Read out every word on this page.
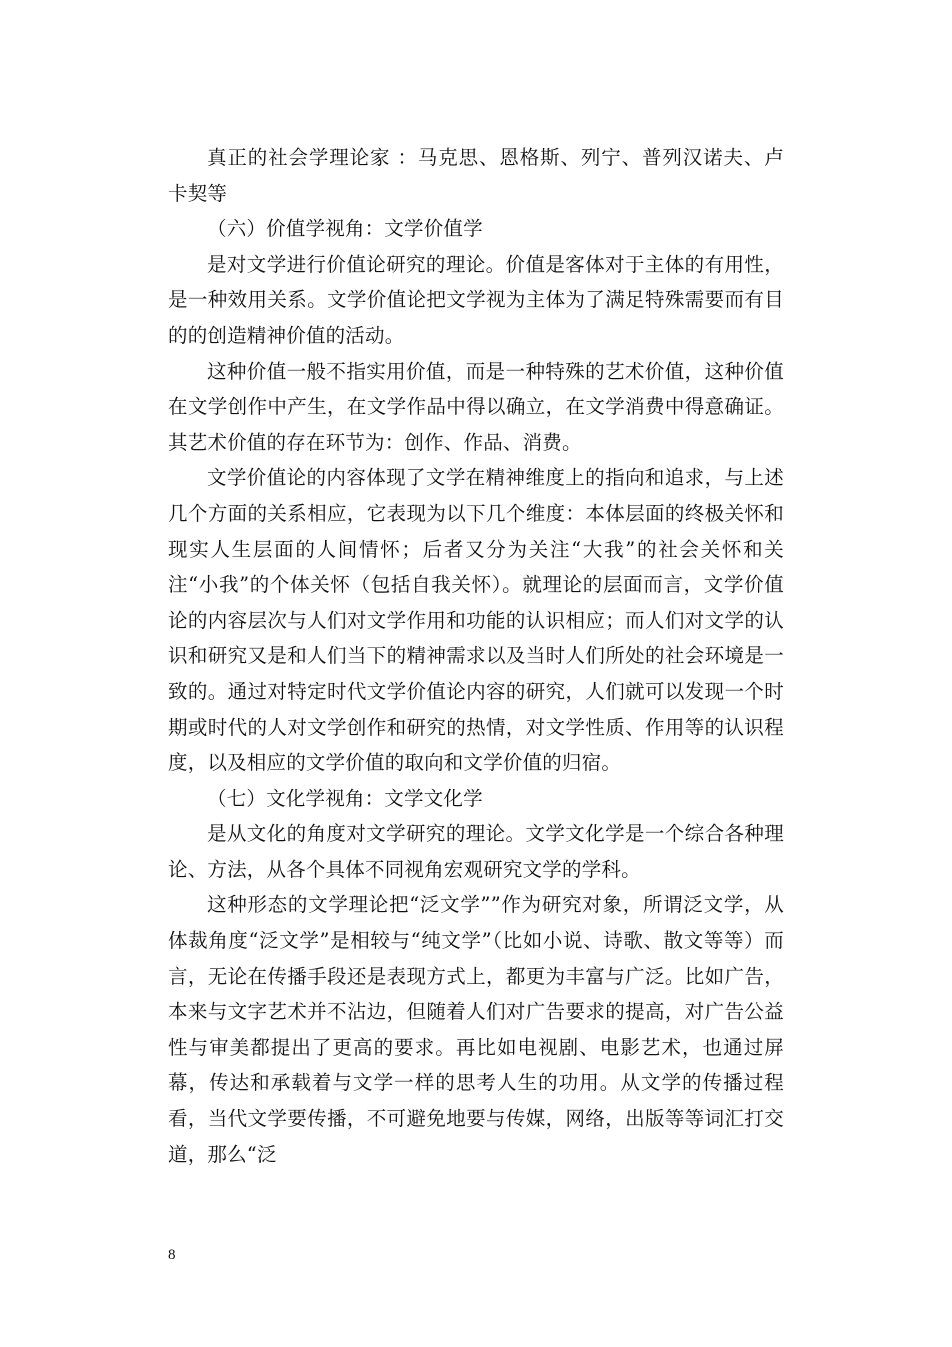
真正的社会学理论家 ：马克思、恩格斯、列宁、普列汉诺夫、卢卡契等

（六）价值学视角：文学价值学

是对文学进行价值论研究的理论。价值是客体对于主体的有用性，是一种效用关系。文学价值论把文学视为主体为了满足特殊需要而有目的的创造精神价值的活动。

这种价值一般不指实用价值，而是一种特殊的艺术价值，这种价值在文学创作中产生，在文学作品中得以确立，在文学消费中得意确证。其艺术价值的存在环节为：创作、作品、消费。

文学价值论的内容体现了文学在精神维度上的指向和追求，与上述几个方面的关系相应，它表现为以下几个维度：本体层面的终极关怀和现实人生层面的人间情怀；后者又分为关注“大我”的社会关怀和关注“小我”的个体关怀（包括自我关怀）。就理论的层面而言，文学价值论的内容层次与人们对文学作用和功能的认识相应；而人们对文学的认识和研究又是和人们当下的精神需求以及当时人们所处的社会环境是一致的。通过对特定时代文学价值论内容的研究，人们就可以发现一个时期或时代的人对文学创作和研究的热情，对文学性质、作用等的认识程度，以及相应的文学价值的取向和文学价值的归宿。

（七）文化学视角：文学文化学

是从文化的角度对文学研究的理论。文学文化学是一个综合各种理论、方法，从各个具体不同视角宏观研究文学的学科。

这种形态的文学理论把“泛文学””作为研究对象，所谓泛文学，从体裁角度“泛文学”是相较与“纯文学”（比如小说、诗歌、散文等等）而言，无论在传播手段还是表现方式上，都更为丰富与广泛。比如广告，本来与文字艺术并不沾边，但随着人们对广告要求的提高，对广告公益性与审美都提出了更高的要求。再比如电视剧、电影艺术，也通过屏幕，传达和承载着与文学一样的思考人生的功用。从文学的传播过程看，当代文学要传播，不可避免地要与传媒，网络，出版等等词汇打交道，那么“泛

8
